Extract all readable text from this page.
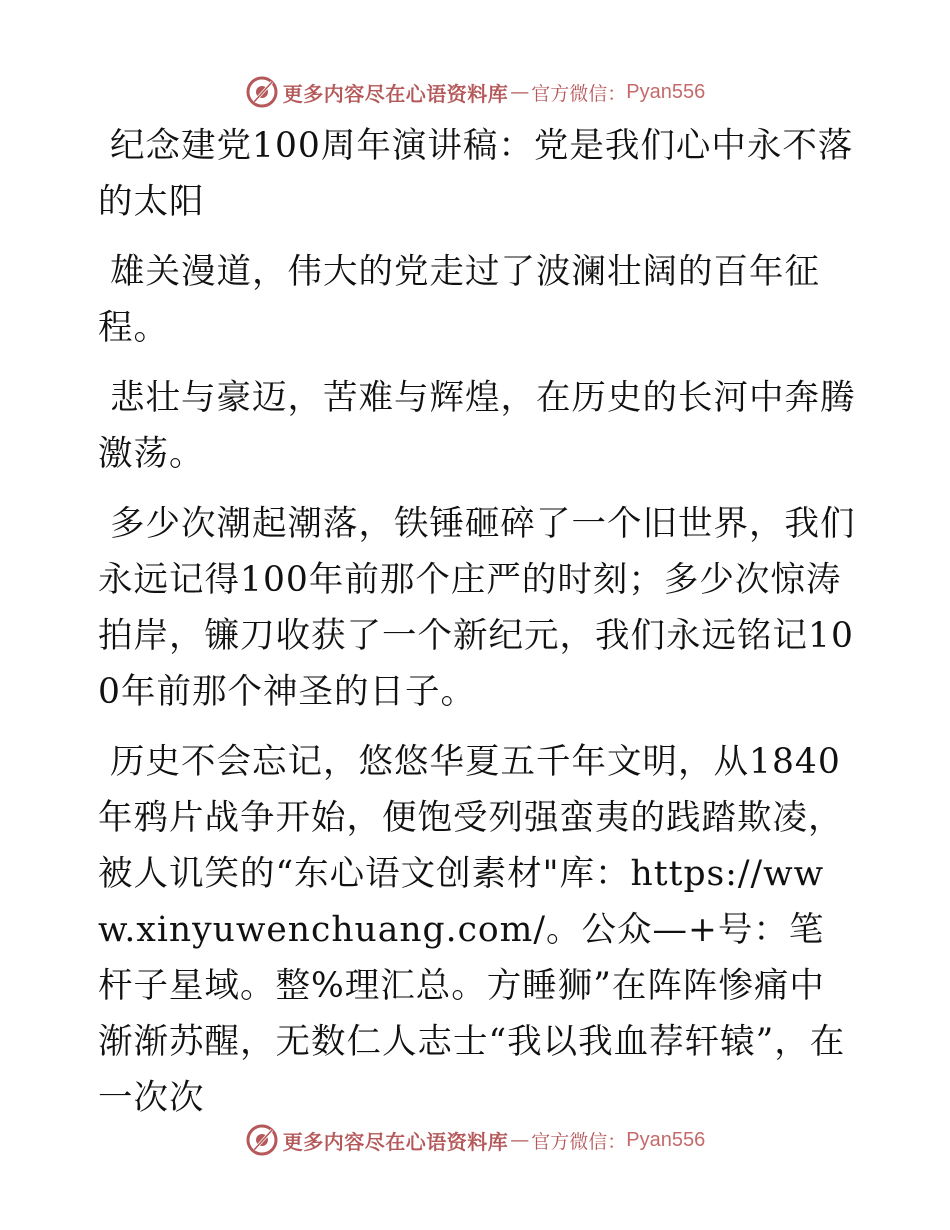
更多内容尽在心语资料库 — 官方微信： Pyan556

纪念建党100周年演讲稿：党是我们心中永不落的太阳

雄关漫道，伟大的党走过了波澜壮阔的百年征程。

悲壮与豪迈，苦难与辉煌，在历史的长河中奔腾激荡。

多少次潮起潮落，铁锤砸碎了一个旧世界，我们永远记得100年前那个庄严的时刻；多少次惊涛拍岸，镰刀收获了一个新纪元，我们永远铭记100年前那个神圣的日子。

历史不会忘记，悠悠华夏五千年文明，从1840年鸦片战争开始，便饱受列强蛮夷的践踏欺凌，被人讥笑的“东心语文创素材"库：https://www.xinyuwenchuang.com/。公众—+号：笔杆子星域。整%理汇总。方睡狮”在阵阵惨痛中渐渐苏醒，无数仁人志士“我以我血荐轩辕”，在一次次

更多内容尽在心语资料库 — 官方微信： Pyan556
